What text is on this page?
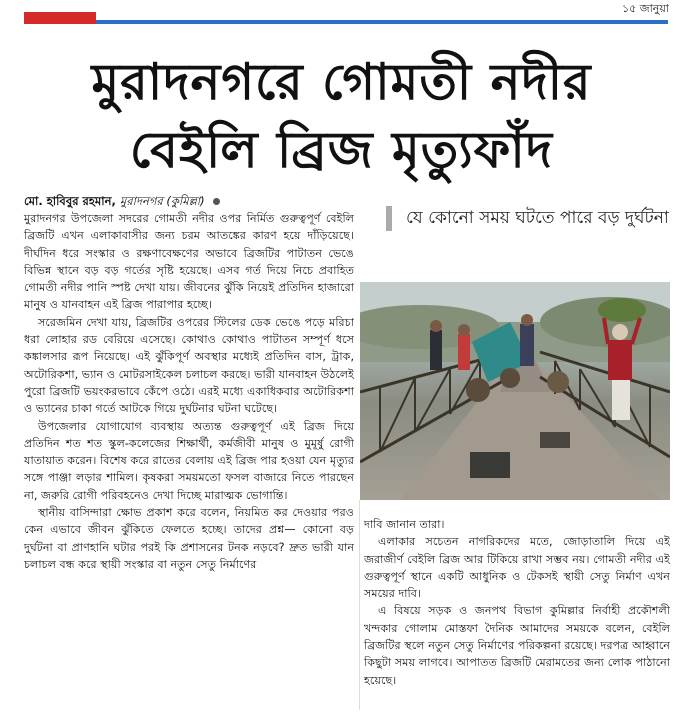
১৫ জানুয়া
মুরাদনগরে গোমতী নদীর
বেইলি ব্রিজ মৃত্যুফাঁদ
মো. হাবিবুর রহমান, মুরাদনগর (কুমিল্লা)

মুরাদনগর উপজেলা সদরের গোমতী নদীর ওপর নির্মিত গুরুত্বপূর্ণ বেইলি ব্রিজটি এখন এলাকাবাসীর জন্য চরম আতঙ্কের কারণ হয়ে দাঁড়িয়েছে। দীর্ঘদিন ধরে সংস্কার ও রক্ষণাবেক্ষণের অভাবে ব্রিজটির পাটাতন ভেঙে বিভিন্ন স্থানে বড় বড় গর্তের সৃষ্টি হয়েছে। এসব গর্ত দিয়ে নিচে প্রবাহিত গোমতী নদীর পানি স্পষ্ট দেখা যায়। জীবনের ঝুঁকি নিয়েই প্রতিদিন হাজারো মানুষ ও যানবাহন এই ব্রিজ পারাপার হচ্ছে।

সরেজমিন দেখা যায়, ব্রিজটির ওপরের স্টিলের ডেক ভেঙে পড়ে মরিচা ধরা লোহার রড বেরিয়ে এসেছে। কোথাও কোথাও পাটাতন সম্পূর্ণ ধসে কঙ্কালসার রূপ নিয়েছে। এই ঝুঁকিপূর্ণ অবস্থার মধ্যেই প্রতিদিন বাস, ট্রাক, অটোরিকশা, ভ্যান ও মোটরসাইকেল চলাচল করছে। ভারী যানবাহন উঠলেই পুরো ব্রিজটি ভয়ংকরভাবে কেঁপে ওঠে। এরই মধ্যে একাধিকবার অটোরিকশা ও ভ্যানের চাকা গর্তে আটকে গিয়ে দুর্ঘটনার ঘটনা ঘটেছে।

উপজেলার যোগাযোগ ব্যবস্থায় অত্যন্ত গুরুত্বপূর্ণ এই ব্রিজ দিয়ে প্রতিদিন শত শত স্কুল-কলেজের শিক্ষার্থী, কর্মজীবী মানুষ ও মুমূর্ষু রোগী যাতায়াত করেন। বিশেষ করে রাতের বেলায় এই ব্রিজ পার হওয়া যেন মৃত্যুর সঙ্গে পাঞ্জা লড়ার শামিল। কৃষকরা সময়মতো ফসল বাজারে নিতে পারছেন না, জরুরি রোগী পরিবহনেও দেখা দিচ্ছে মারাত্মক ভোগান্তি।

স্থানীয় বাসিন্দারা ক্ষোভ প্রকাশ করে বলেন, নিয়মিত কর দেওয়ার পরও কেন এভাবে জীবন ঝুঁকিতে ফেলতে হচ্ছে। তাদের প্রশ্ন— কোনো বড় দুর্ঘটনা বা প্রাণহানি ঘটার পরই কি প্রশাসনের টনক নড়বে? দ্রুত ভারী যান চলাচল বন্ধ করে স্থায়ী সংস্কার বা নতুন সেতু নির্মাণের

যে কোনো সময় ঘটতে পারে বড় দুর্ঘটনা

দাবি জানান তারা।

এলাকার সচেতন নাগরিকদের মতে, জোড়াতালি দিয়ে এই জরাজীর্ণ বেইলি ব্রিজ আর টিকিয়ে রাখা সম্ভব নয়। গোমতী নদীর এই গুরুত্বপূর্ণ স্থানে একটি আধুনিক ও টেকসই স্থায়ী সেতু নির্মাণ এখন সময়ের দাবি।

এ বিষয়ে সড়ক ও জনপথ বিভাগ কুমিল্লার নির্বাহী প্রকৌশলী খন্দকার গোলাম মোস্তফা দৈনিক আমাদের সময়কে বলেন, বেইলি ব্রিজটির স্থলে নতুন সেতু নির্মাণের পরিকল্পনা রয়েছে। দরপত্র আহ্বানে কিছুটা সময় লাগবে। আপাতত ব্রিজটি মেরামতের জন্য লোক পাঠানো হয়েছে।
